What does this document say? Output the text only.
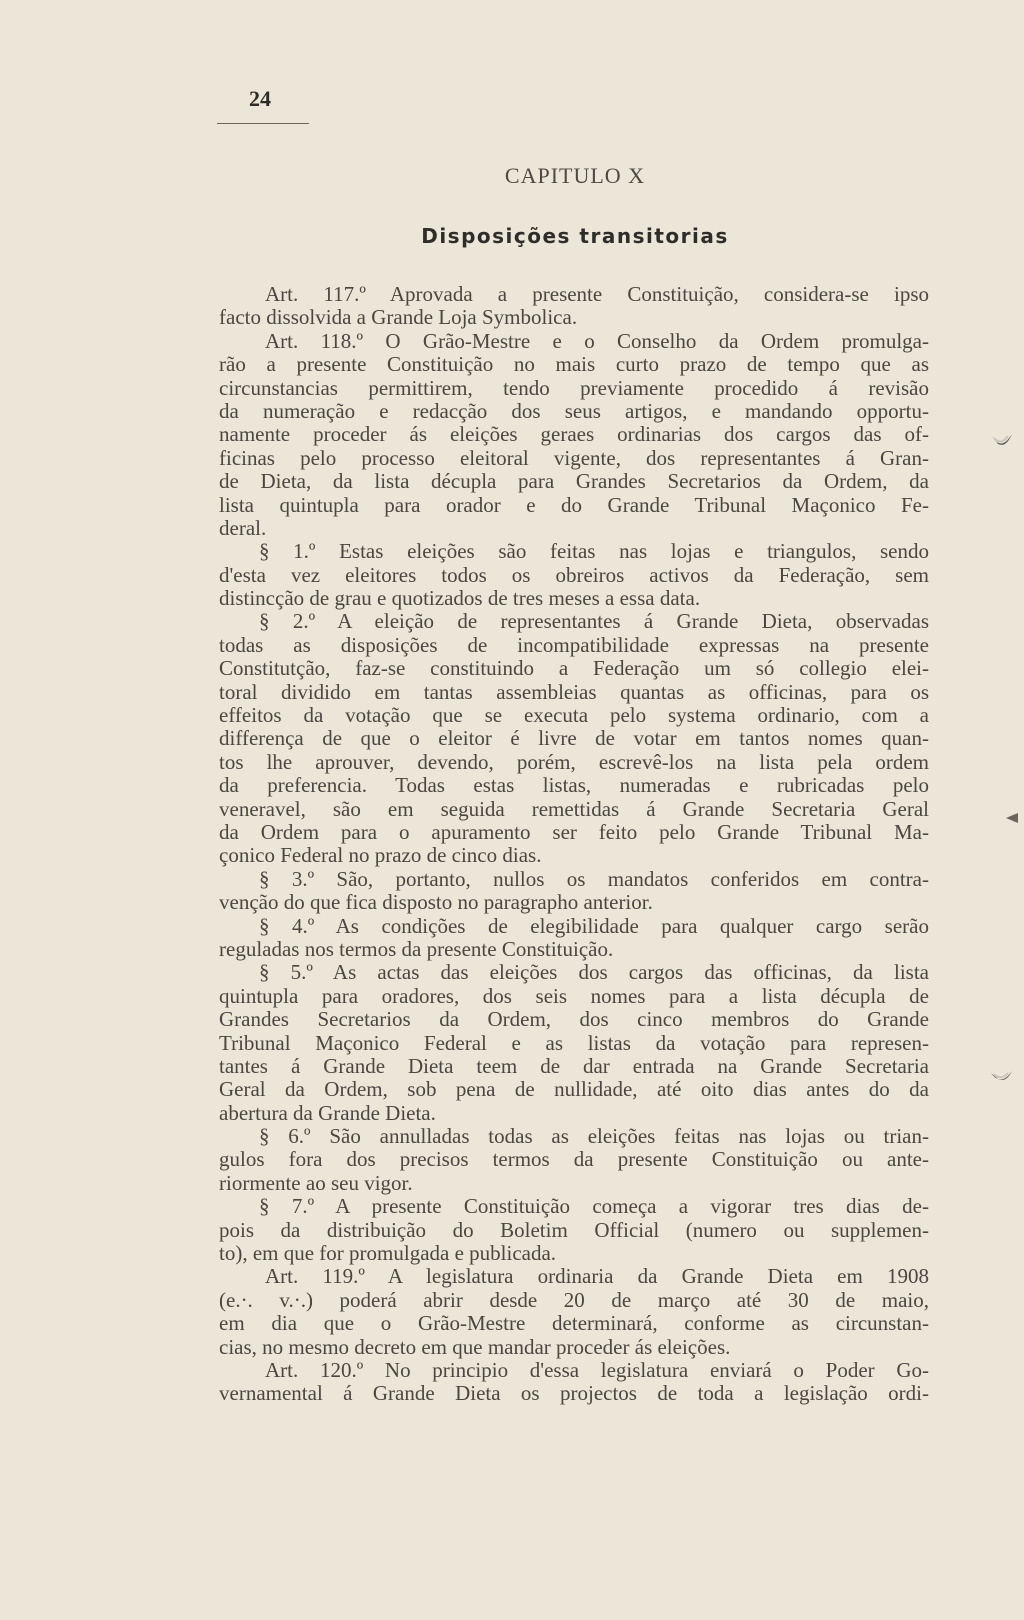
24
CAPITULO X
Disposições transitorias
Art. 117.º Aprovada a presente Constituição, considera-se ipso
facto dissolvida a Grande Loja Symbolica.
Art. 118.º O Grão-Mestre e o Conselho da Ordem promulga-
rão a presente Constituição no mais curto prazo de tempo que as
circunstancias permittirem, tendo previamente procedido á revisão
da numeração e redacção dos seus artigos, e mandando opportu-
namente proceder ás eleições geraes ordinarias dos cargos das of-
ficinas pelo processo eleitoral vigente, dos representantes á Gran-
de Dieta, da lista décupla para Grandes Secretarios da Ordem, da
lista quintupla para orador e do Grande Tribunal Maçonico Fe-
deral.
§ 1.º Estas eleições são feitas nas lojas e triangulos, sendo
d'esta vez eleitores todos os obreiros activos da Federação, sem
distincção de grau e quotizados de tres meses a essa data.
§ 2.º A eleição de representantes á Grande Dieta, observadas
todas as disposições de incompatibilidade expressas na presente
Constitutção, faz-se constituindo a Federação um só collegio elei-
toral dividido em tantas assembleias quantas as officinas, para os
effeitos da votação que se executa pelo systema ordinario, com a
differença de que o eleitor é livre de votar em tantos nomes quan-
tos lhe aprouver, devendo, porém, escrevê-los na lista pela ordem
da preferencia. Todas estas listas, numeradas e rubricadas pelo
veneravel, são em seguida remettidas á Grande Secretaria Geral
da Ordem para o apuramento ser feito pelo Grande Tribunal Ma-
çonico Federal no prazo de cinco dias.
§ 3.º São, portanto, nullos os mandatos conferidos em contra-
venção do que fica disposto no paragrapho anterior.
§ 4.º As condições de elegibilidade para qualquer cargo serão
reguladas nos termos da presente Constituição.
§ 5.º As actas das eleições dos cargos das officinas, da lista
quintupla para oradores, dos seis nomes para a lista décupla de
Grandes Secretarios da Ordem, dos cinco membros do Grande
Tribunal Maçonico Federal e as listas da votação para represen-
tantes á Grande Dieta teem de dar entrada na Grande Secretaria
Geral da Ordem, sob pena de nullidade, até oito dias antes do da
abertura da Grande Dieta.
§ 6.º São annulladas todas as eleições feitas nas lojas ou trian-
gulos fora dos precisos termos da presente Constituição ou ante-
riormente ao seu vigor.
§ 7.º A presente Constituição começa a vigorar tres dias de-
pois da distribuição do Boletim Official (numero ou supplemen-
to), em que for promulgada e publicada.
Art. 119.º A legislatura ordinaria da Grande Dieta em 1908
(e.·. v.·.) poderá abrir desde 20 de março até 30 de maio,
em dia que o Grão-Mestre determinará, conforme as circunstan-
cias, no mesmo decreto em que mandar proceder ás eleições.
Art. 120.º No principio d'essa legislatura enviará o Poder Go-
vernamental á Grande Dieta os projectos de toda a legislação ordi-
